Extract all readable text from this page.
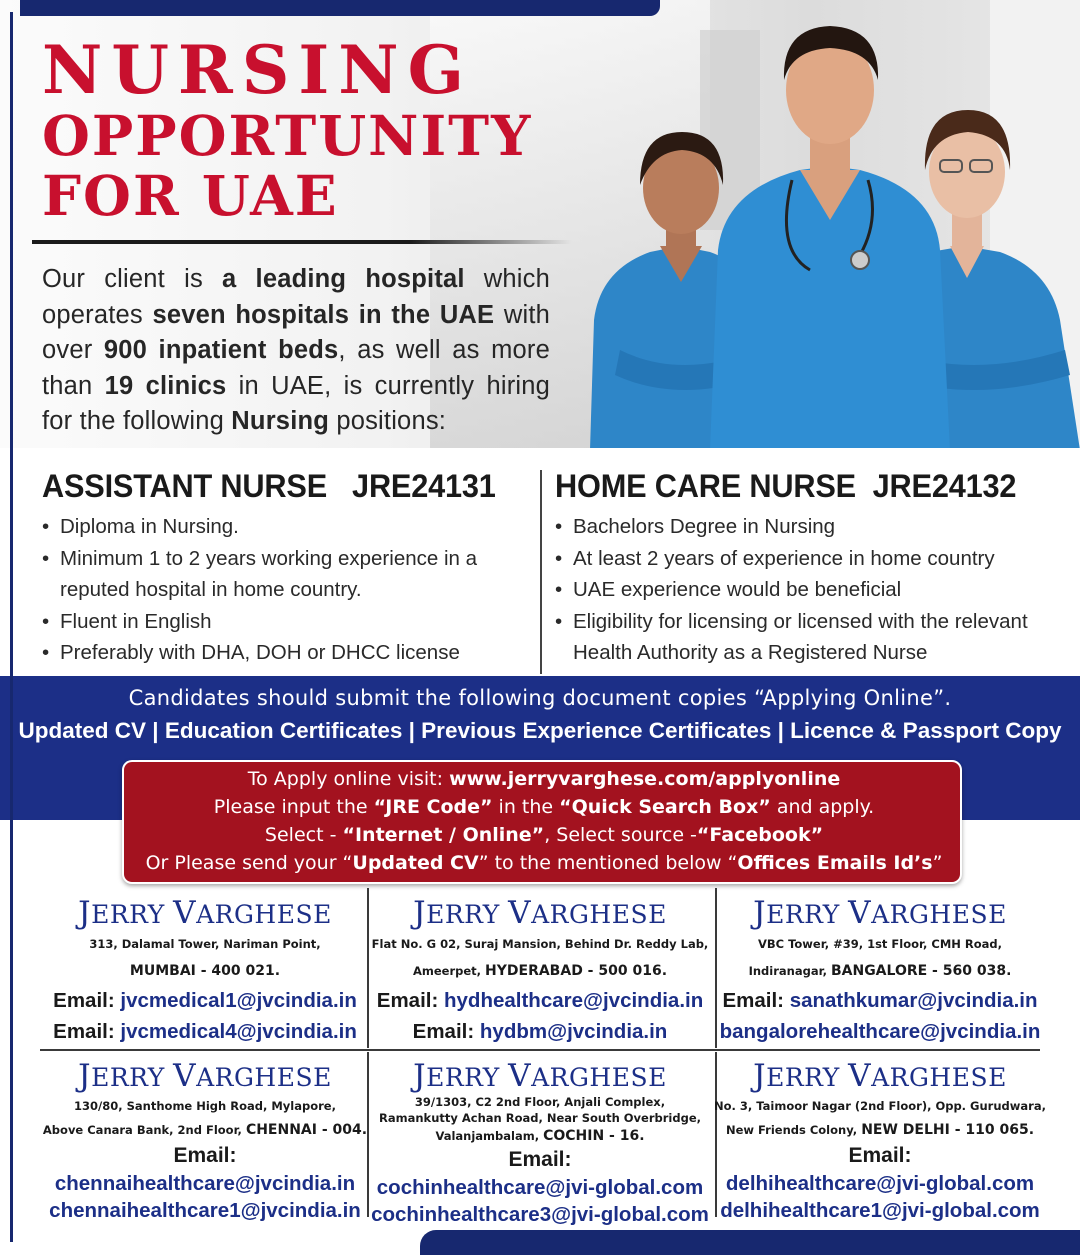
NURSING
OPPORTUNITY
FOR UAE
Our client is a leading hospital which operates seven hospitals in the UAE with over 900 inpatient beds, as well as more than 19 clinics in UAE, is currently hiring for the following Nursing positions:
ASSISTANT NURSE JRE24131
• Diploma in Nursing.
• Minimum 1 to 2 years working experience in a reputed hospital in home country.
• Fluent in English
• Preferably with DHA, DOH or DHCC license
HOME CARE NURSE JRE24132
• Bachelors Degree in Nursing
• At least 2 years of experience in home country
• UAE experience would be beneficial
• Eligibility for licensing or licensed with the relevant Health Authority as a Registered Nurse
Candidates should submit the following document copies “Applying Online”.
Updated CV | Education Certificates | Previous Experience Certificates | Licence & Passport Copy
To Apply online visit: www.jerryvarghese.com/applyonline
Please input the “JRE Code” in the “Quick Search Box” and apply.
Select - “Internet / Online”, Select source -“Facebook”
Or Please send your “Updated CV” to the mentioned below “Offices Emails Id’s”
JERRY VARGHESE
313, Dalamal Tower, Nariman Point,
MUMBAI - 400 021.
Email: jvcmedical1@jvcindia.in
Email: jvcmedical4@jvcindia.in
JERRY VARGHESE
Flat No. G 02, Suraj Mansion, Behind Dr. Reddy Lab,
Ameerpet, HYDERABAD - 500 016.
Email: hydhealthcare@jvcindia.in
Email: hydbm@jvcindia.in
JERRY VARGHESE
VBC Tower, #39, 1st Floor, CMH Road,
Indiranagar, BANGALORE - 560 038.
Email: sanathkumar@jvcindia.in
bangalorehealthcare@jvcindia.in
JERRY VARGHESE
130/80, Santhome High Road, Mylapore,
Above Canara Bank, 2nd Floor, CHENNAI - 004.
Email:
chennaihealthcare@jvcindia.in
chennaihealthcare1@jvcindia.in
JERRY VARGHESE
39/1303, C2 2nd Floor, Anjali Complex,
Ramankutty Achan Road, Near South Overbridge,
Valanjambalam, COCHIN - 16.
Email:
cochinhealthcare@jvi-global.com
cochinhealthcare3@jvi-global.com
JERRY VARGHESE
No. 3, Taimoor Nagar (2nd Floor), Opp. Gurudwara,
New Friends Colony, NEW DELHI - 110 065.
Email:
delhihealthcare@jvi-global.com
delhihealthcare1@jvi-global.com
